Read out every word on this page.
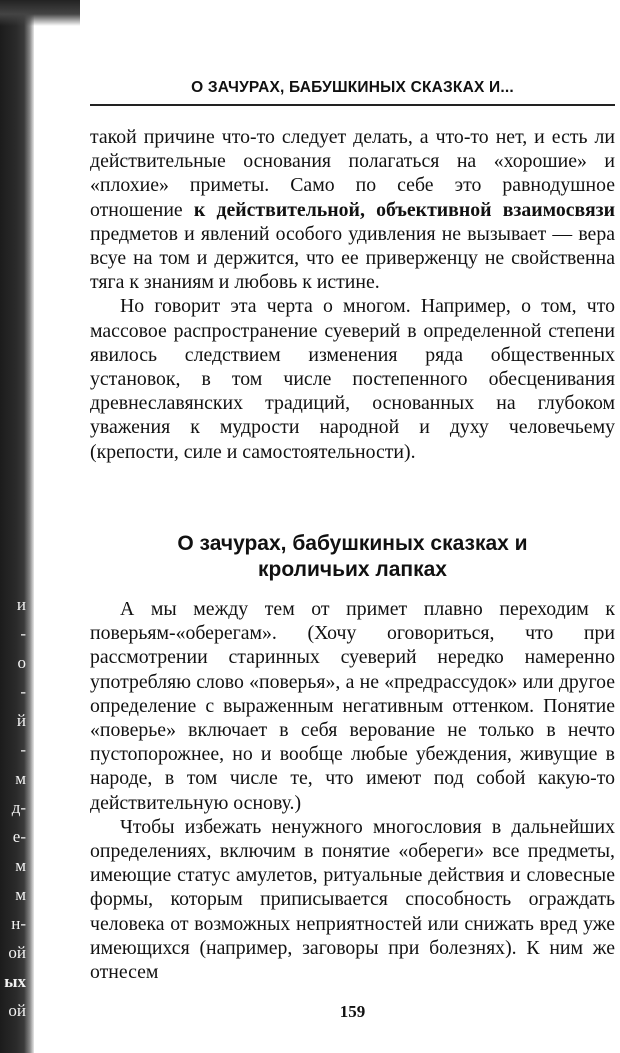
и
-
о
-
й
-
м
д-
е-
м
м
н-
ой
ых
ой
О ЗАЧУРАХ, БАБУШКИНЫХ СКАЗКАХ И...

такой причине что-то следует делать, а что-то нет, и есть ли действительные основания полагаться на «хорошие» и «плохие» приметы. Само по себе это равнодушное отношение к действительной, объективной взаимосвязи предметов и явлений особого удивления не вызывает — вера всуе на том и держится, что ее приверженцу не свойственна тяга к знаниям и любовь к истине.

Но говорит эта черта о многом. Например, о том, что массовое распространение суеверий в определенной степени явилось следствием изменения ряда общественных установок, в том числе постепенного обесценивания древнеславянских традиций, основанных на глубоком уважения к мудрости народной и духу человечьему (крепости, силе и самостоятельности).

О зачурах, бабушкиных сказках и
кроличьих лапках

А мы между тем от примет плавно переходим к поверьям-«оберегам». (Хочу оговориться, что при рассмотрении старинных суеверий нередко намеренно употребляю слово «поверья», а не «предрассудок» или другое определение с выраженным негативным оттенком. Понятие «поверье» включает в себя верование не только в нечто пустопорожнее, но и вообще любые убеждения, живущие в народе, в том числе те, что имеют под собой какую-то действительную основу.)

Чтобы избежать ненужного многословия в дальнейших определениях, включим в понятие «обереги» все предметы, имеющие статус амулетов, ритуальные действия и словесные формы, которым приписывается способность ограждать человека от возможных неприятностей или снижать вред уже имеющихся (например, заговоры при болезнях). К ним же отнесем

159
